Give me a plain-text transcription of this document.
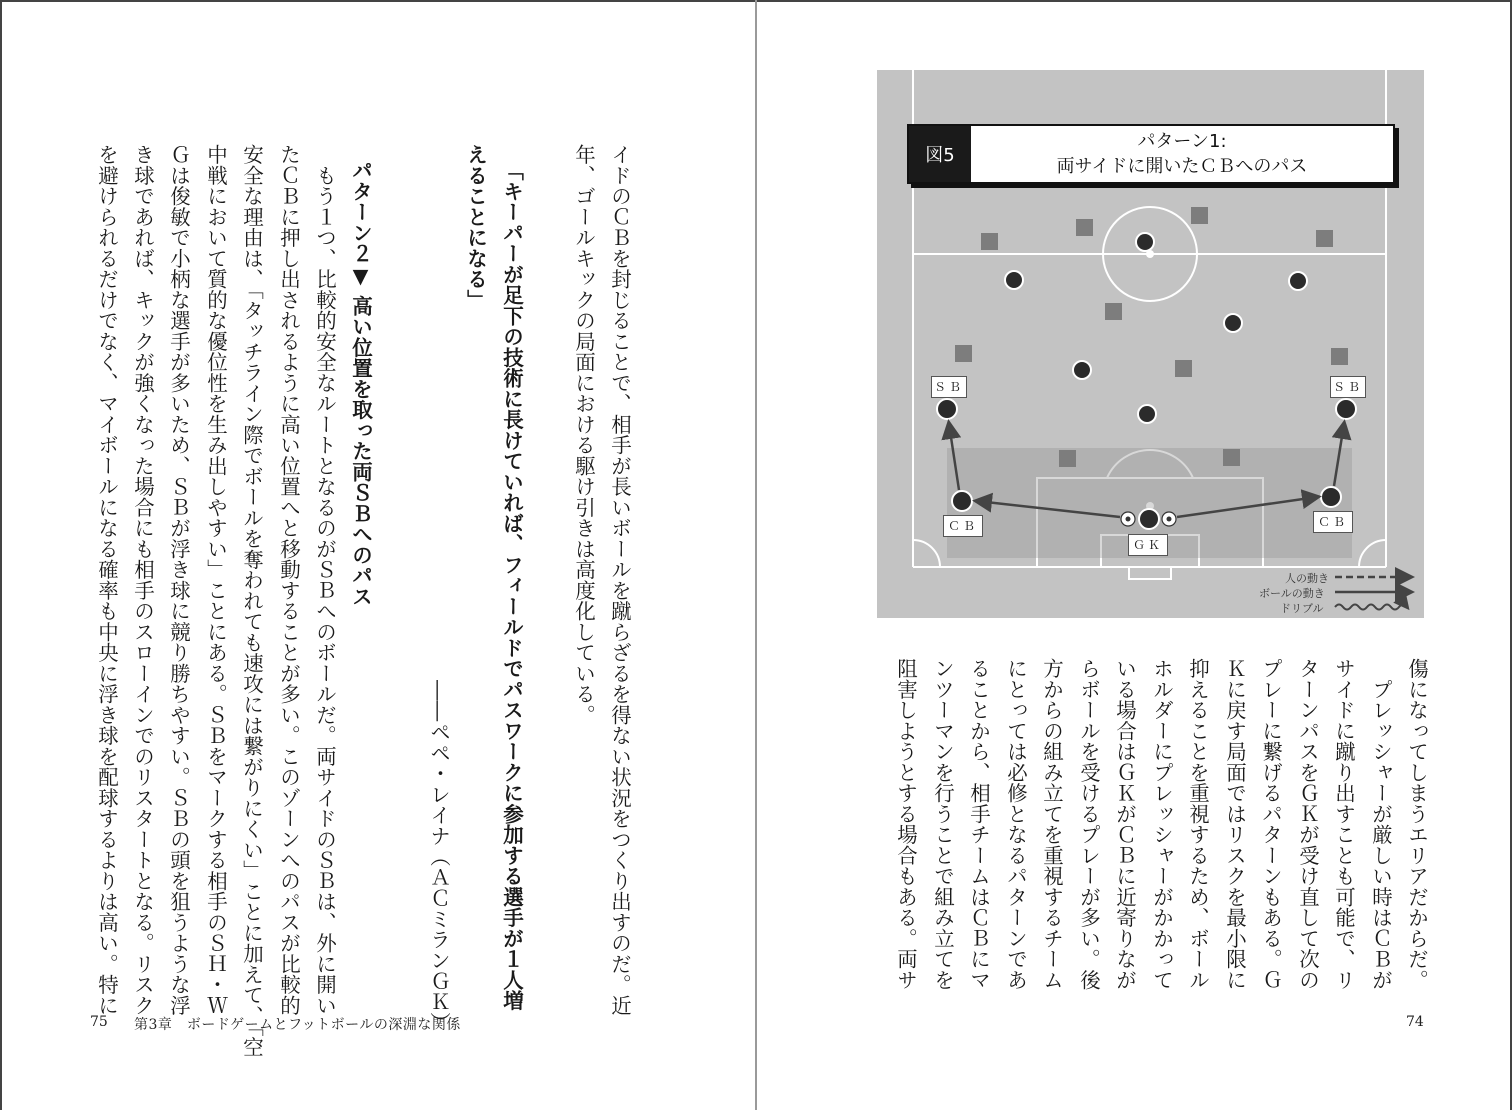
イドのＣＢを封じることで、相手が長いボールを蹴らざるを得ない状況をつくり出すのだ。近
年、ゴールキックの局面における駆け引きは高度化している。
「キーパーが足下の技術に長けていれば、フィールドでパスワークに参加する選手が１人増
えることになる」
――ペペ・レイナ（ＡＣミランＧＫ）
パターン２▼ 高い位置を取った両ＳＢへのパス
　もう１つ、比較的安全なルートとなるのがＳＢへのボールだ。両サイドのＳＢは、外に開い
たＣＢに押し出されるように高い位置へと移動することが多い。このゾーンへのパスが比較的
安全な理由は、「タッチライン際でボールを奪われても速攻には繋がりにくい」ことに加えて、「空
中戦において質的な優位性を生み出しやすい」ことにある。ＳＢをマークする相手のＳＨ・Ｗ
Ｇは俊敏で小柄な選手が多いため、ＳＢが浮き球に競り勝ちやすい。ＳＢの頭を狙うような浮
き球であれば、キックが強くなった場合にも相手のスローインでのリスタートとなる。リスク
を避けられるだけでなく、マイボールになる確率も中央に浮き球を配球するよりは高い。特に
75 第3章　ボードゲームとフットボールの深淵な関係
ＳＢ	ＳＢ
ＣＢ	ＣＢ
ＧＫ
人の動き
ボールの動き
ドリブル
図5
パターン1:
両サイドに開いたＣＢへのパス
傷になってしまうエリアだからだ。
　プレッシャーが厳しい時はＣＢが
サイドに蹴り出すことも可能で、リ
ターンパスをＧＫが受け直して次の
プレーに繋げるパターンもある。Ｇ
Ｋに戻す局面ではリスクを最小限に
抑えることを重視するため、ボール
ホルダーにプレッシャーがかかって
いる場合はＧＫがＣＢに近寄りなが
らボールを受けるプレーが多い。後
方からの組み立てを重視するチーム
にとっては必修となるパターンであ
ることから、相手チームはＣＢにマ
ンツーマンを行うことで組み立てを
阻害しようとする場合もある。両サ
74
